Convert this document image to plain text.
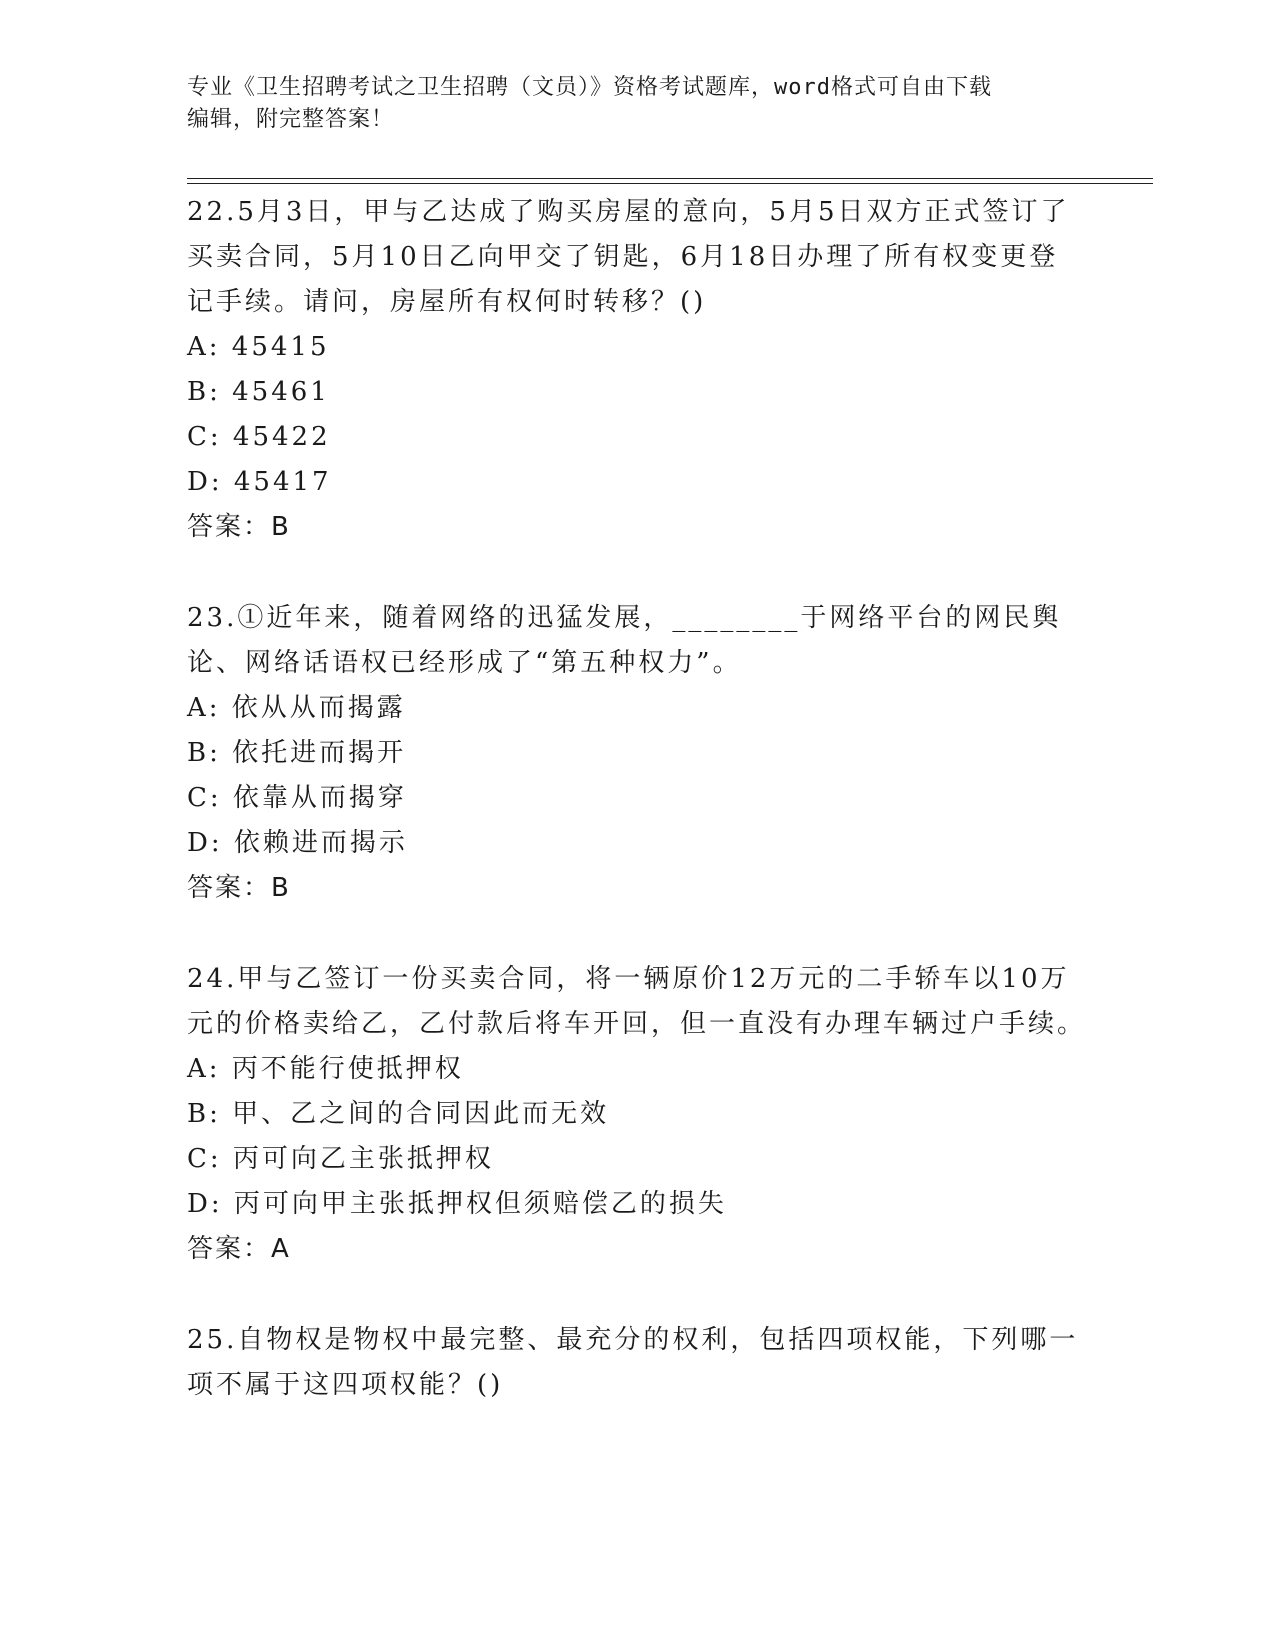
专业《卫生招聘考试之卫生招聘（文员）》资格考试题库，word格式可自由下载
编辑，附完整答案！

22.5月3日，甲与乙达成了购买房屋的意向，5月5日双方正式签订了买卖合同，5月10日乙向甲交了钥匙，6月18日办理了所有权变更登记手续。请问，房屋所有权何时转移？()

A: 45415

B: 45461

C: 45422

D: 45417

答案：B

23.①近年来，随着网络的迅猛发展，________于网络平台的网民舆论、网络话语权已经形成了“第五种权力”。

A: 依从从而揭露

B: 依托进而揭开

C: 依靠从而揭穿

D: 依赖进而揭示

答案：B

24.甲与乙签订一份买卖合同，将一辆原价12万元的二手轿车以10万元的价格卖给乙，乙付款后将车开回，但一直没有办理车辆过户手续。

A: 丙不能行使抵押权

B: 甲、乙之间的合同因此而无效

C: 丙可向乙主张抵押权

D: 丙可向甲主张抵押权但须赔偿乙的损失

答案：A

25.自物权是物权中最完整、最充分的权利，包括四项权能，下列哪一项不属于这四项权能？()
